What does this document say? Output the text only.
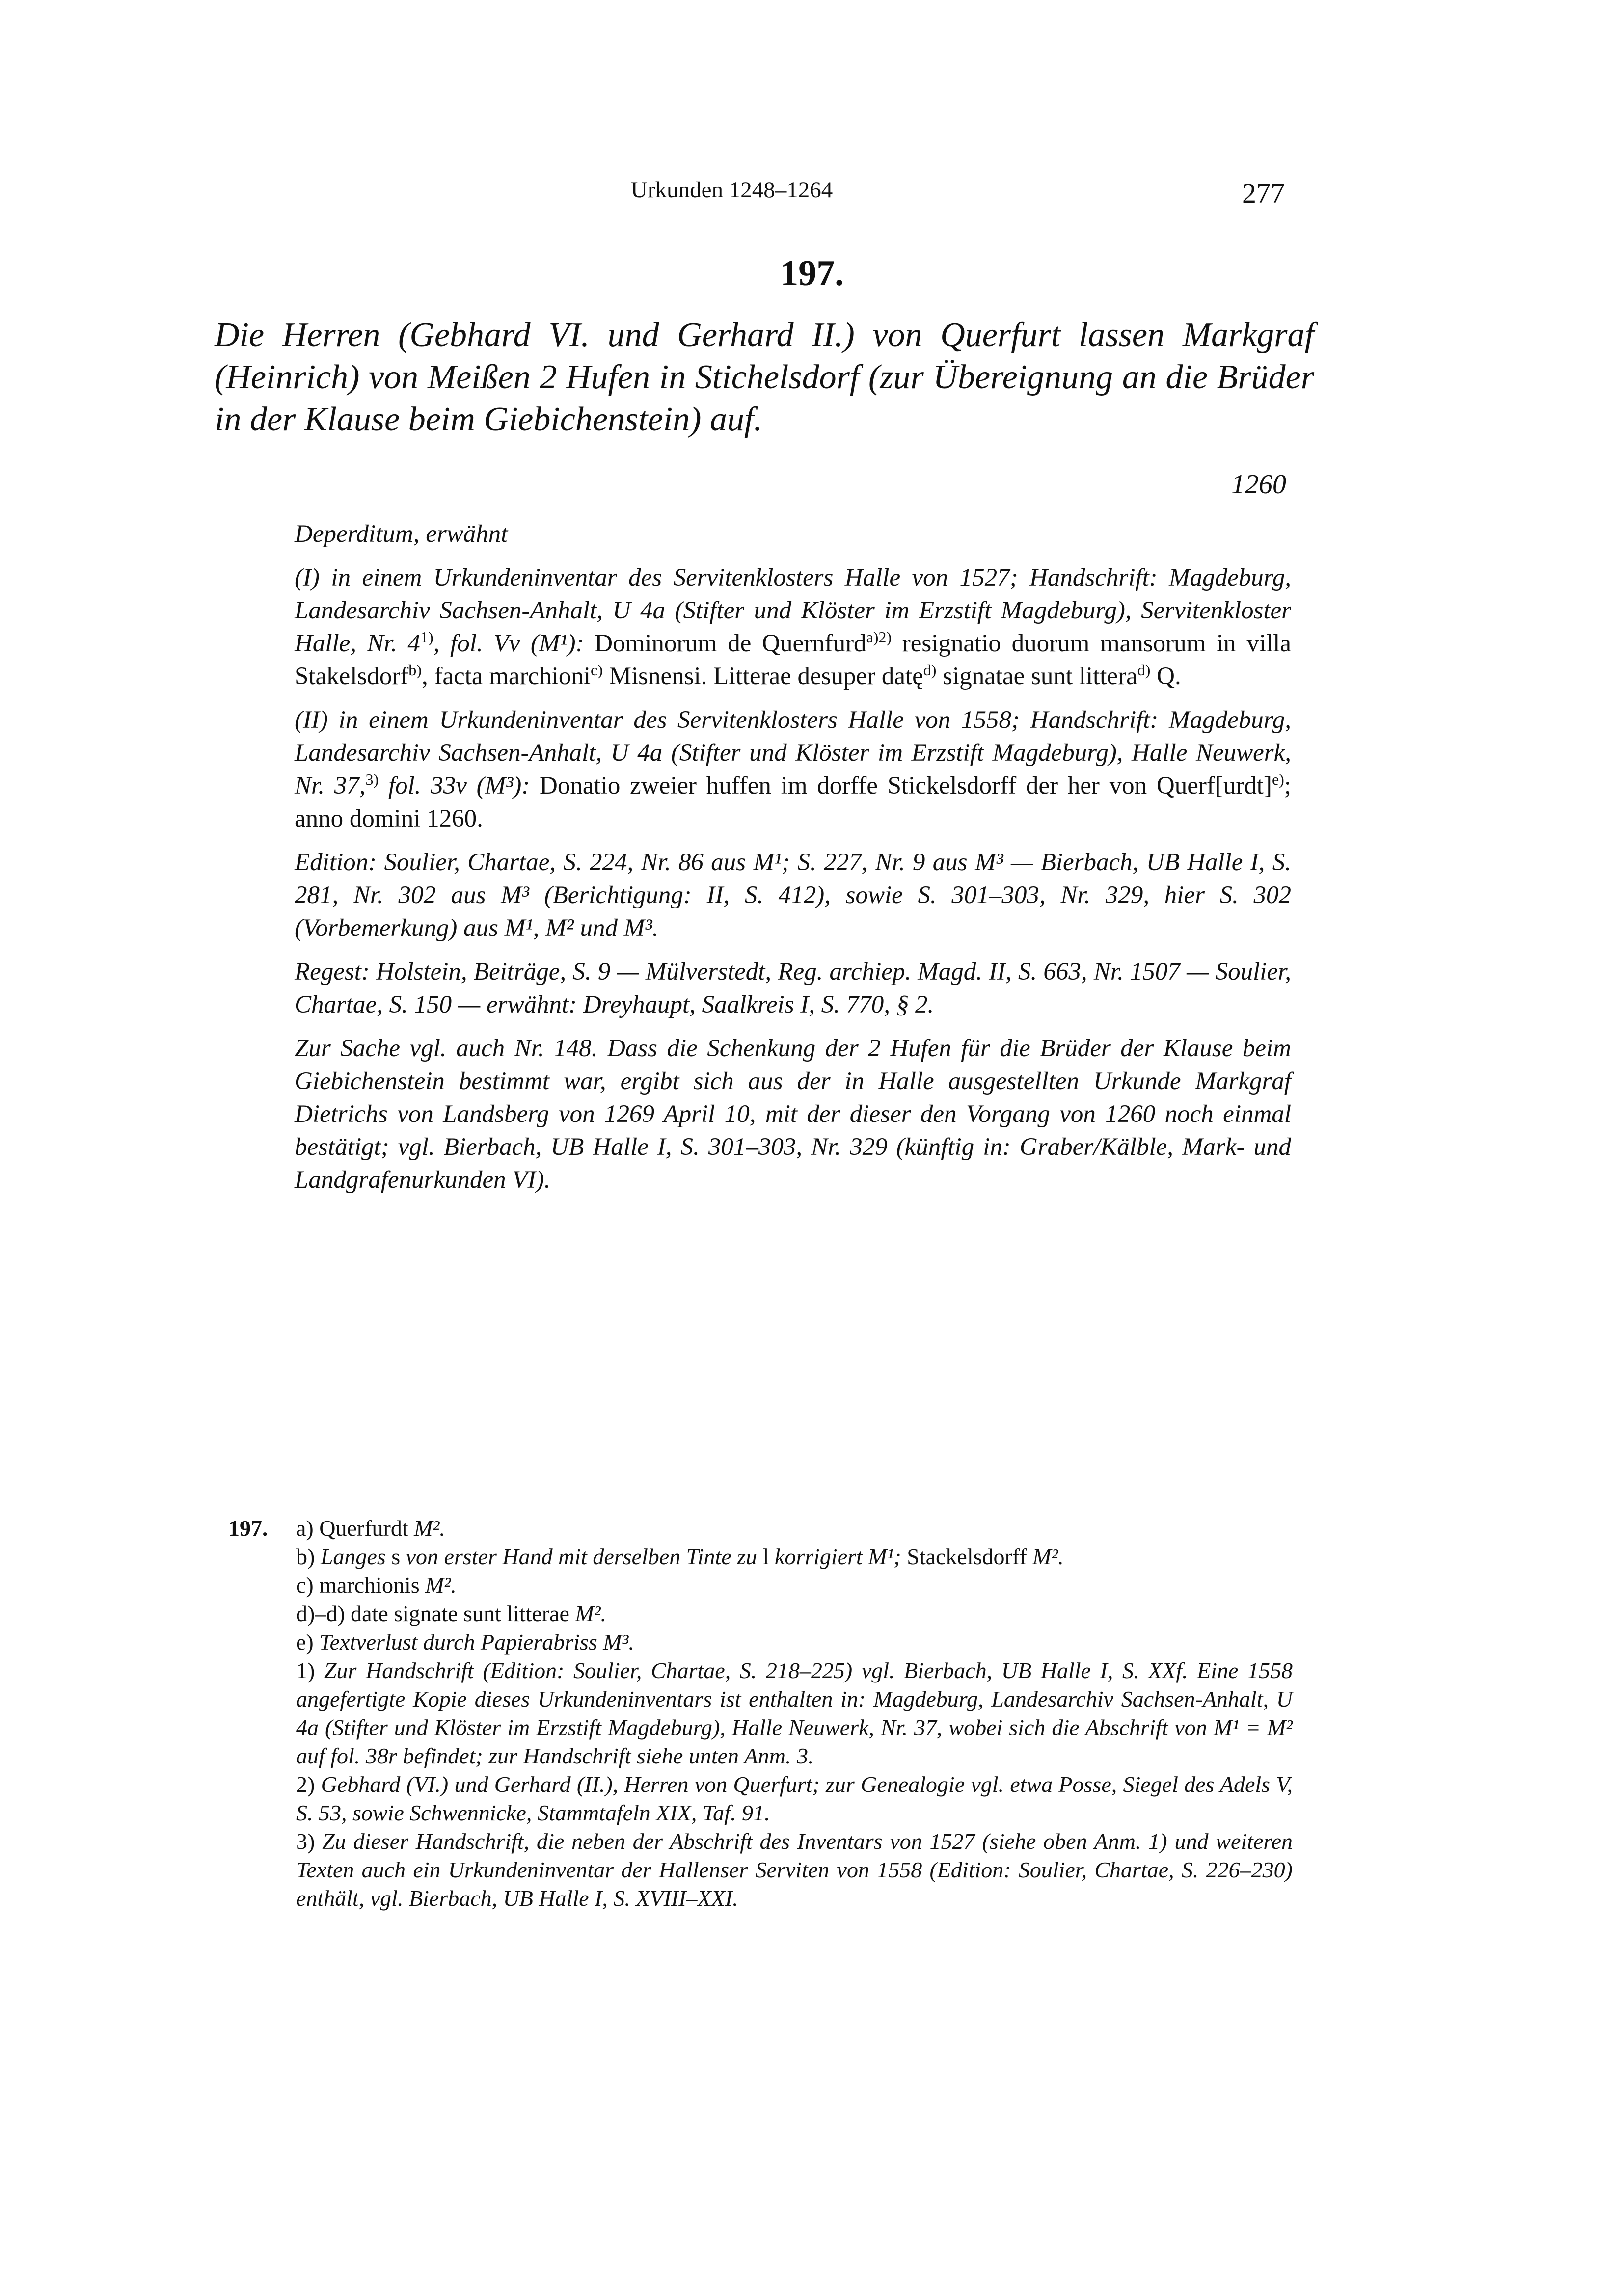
Urkunden 1248–1264	277
197.
Die Herren (Gebhard VI. und Gerhard II.) von Querfurt lassen Markgraf (Heinrich) von Meißen 2 Hufen in Stichelsdorf (zur Übereignung an die Brüder in der Klause beim Giebichenstein) auf.
1260

Deperditum, erwähnt

(I) in einem Urkundeninventar des Servitenklosters Halle von 1527; Handschrift: Magdeburg, Landesarchiv Sachsen-Anhalt, U 4a (Stifter und Klöster im Erzstift Magdeburg), Servitenkloster Halle, Nr. 4$^{1)}$, fol. Vv (M¹): Dominorum de Quernfurd$^{a)2)}$ resignatio duorum mansorum in villa Stakelsdorf$^{b)}$, facta marchioni$^{c)}$ Misnensi. Litterae desuper datę$^{d)}$ signatae sunt littera$^{d)}$ Q.

(II) in einem Urkundeninventar des Servitenklosters Halle von 1558; Handschrift: Magdeburg, Landesarchiv Sachsen-Anhalt, U 4a (Stifter und Klöster im Erzstift Magdeburg), Halle Neuwerk, Nr. 37,$^{3)}$ fol. 33v (M³): Donatio zweier huffen im dorffe Stickelsdorff der her von Querf[urdt]$^{e)}$; anno domini 1260.

Edition: Soulier, Chartae, S. 224, Nr. 86 aus M¹; S. 227, Nr. 9 aus M³ — Bierbach, UB Halle I, S. 281, Nr. 302 aus M³ (Berichtigung: II, S. 412), sowie S. 301–303, Nr. 329, hier S. 302 (Vorbemerkung) aus M¹, M² und M³.

Regest: Holstein, Beiträge, S. 9 — Mülverstedt, Reg. archiep. Magd. II, S. 663, Nr. 1507 — Soulier, Chartae, S. 150 — erwähnt: Dreyhaupt, Saalkreis I, S. 770, § 2.

Zur Sache vgl. auch Nr. 148. Dass die Schenkung der 2 Hufen für die Brüder der Klause beim Giebichenstein bestimmt war, ergibt sich aus der in Halle ausgestellten Urkunde Markgraf Dietrichs von Landsberg von 1269 April 10, mit der dieser den Vorgang von 1260 noch einmal bestätigt; vgl. Bierbach, UB Halle I, S. 301–303, Nr. 329 (künftig in: Graber/Kälble, Mark- und Landgrafenurkunden VI).

197. a) Querfurdt M².

b) Langes s von erster Hand mit derselben Tinte zu l korrigiert M¹; Stackelsdorff M².

c) marchionis M².

d)–d) date signate sunt litterae M².

e) Textverlust durch Papierabriss M³.

1) Zur Handschrift (Edition: Soulier, Chartae, S. 218–225) vgl. Bierbach, UB Halle I, S. XXf. Eine 1558 angefertigte Kopie dieses Urkundeninventars ist enthalten in: Magdeburg, Landesarchiv Sachsen-Anhalt, U 4a (Stifter und Klöster im Erzstift Magdeburg), Halle Neuwerk, Nr. 37, wobei sich die Abschrift von M¹ = M² auf fol. 38r befindet; zur Handschrift siehe unten Anm. 3.

2) Gebhard (VI.) und Gerhard (II.), Herren von Querfurt; zur Genealogie vgl. etwa Posse, Siegel des Adels V, S. 53, sowie Schwennicke, Stammtafeln XIX, Taf. 91.

3) Zu dieser Handschrift, die neben der Abschrift des Inventars von 1527 (siehe oben Anm. 1) und weiteren Texten auch ein Urkundeninventar der Hallenser Serviten von 1558 (Edition: Soulier, Chartae, S. 226–230) enthält, vgl. Bierbach, UB Halle I, S. XVIII–XXI.
